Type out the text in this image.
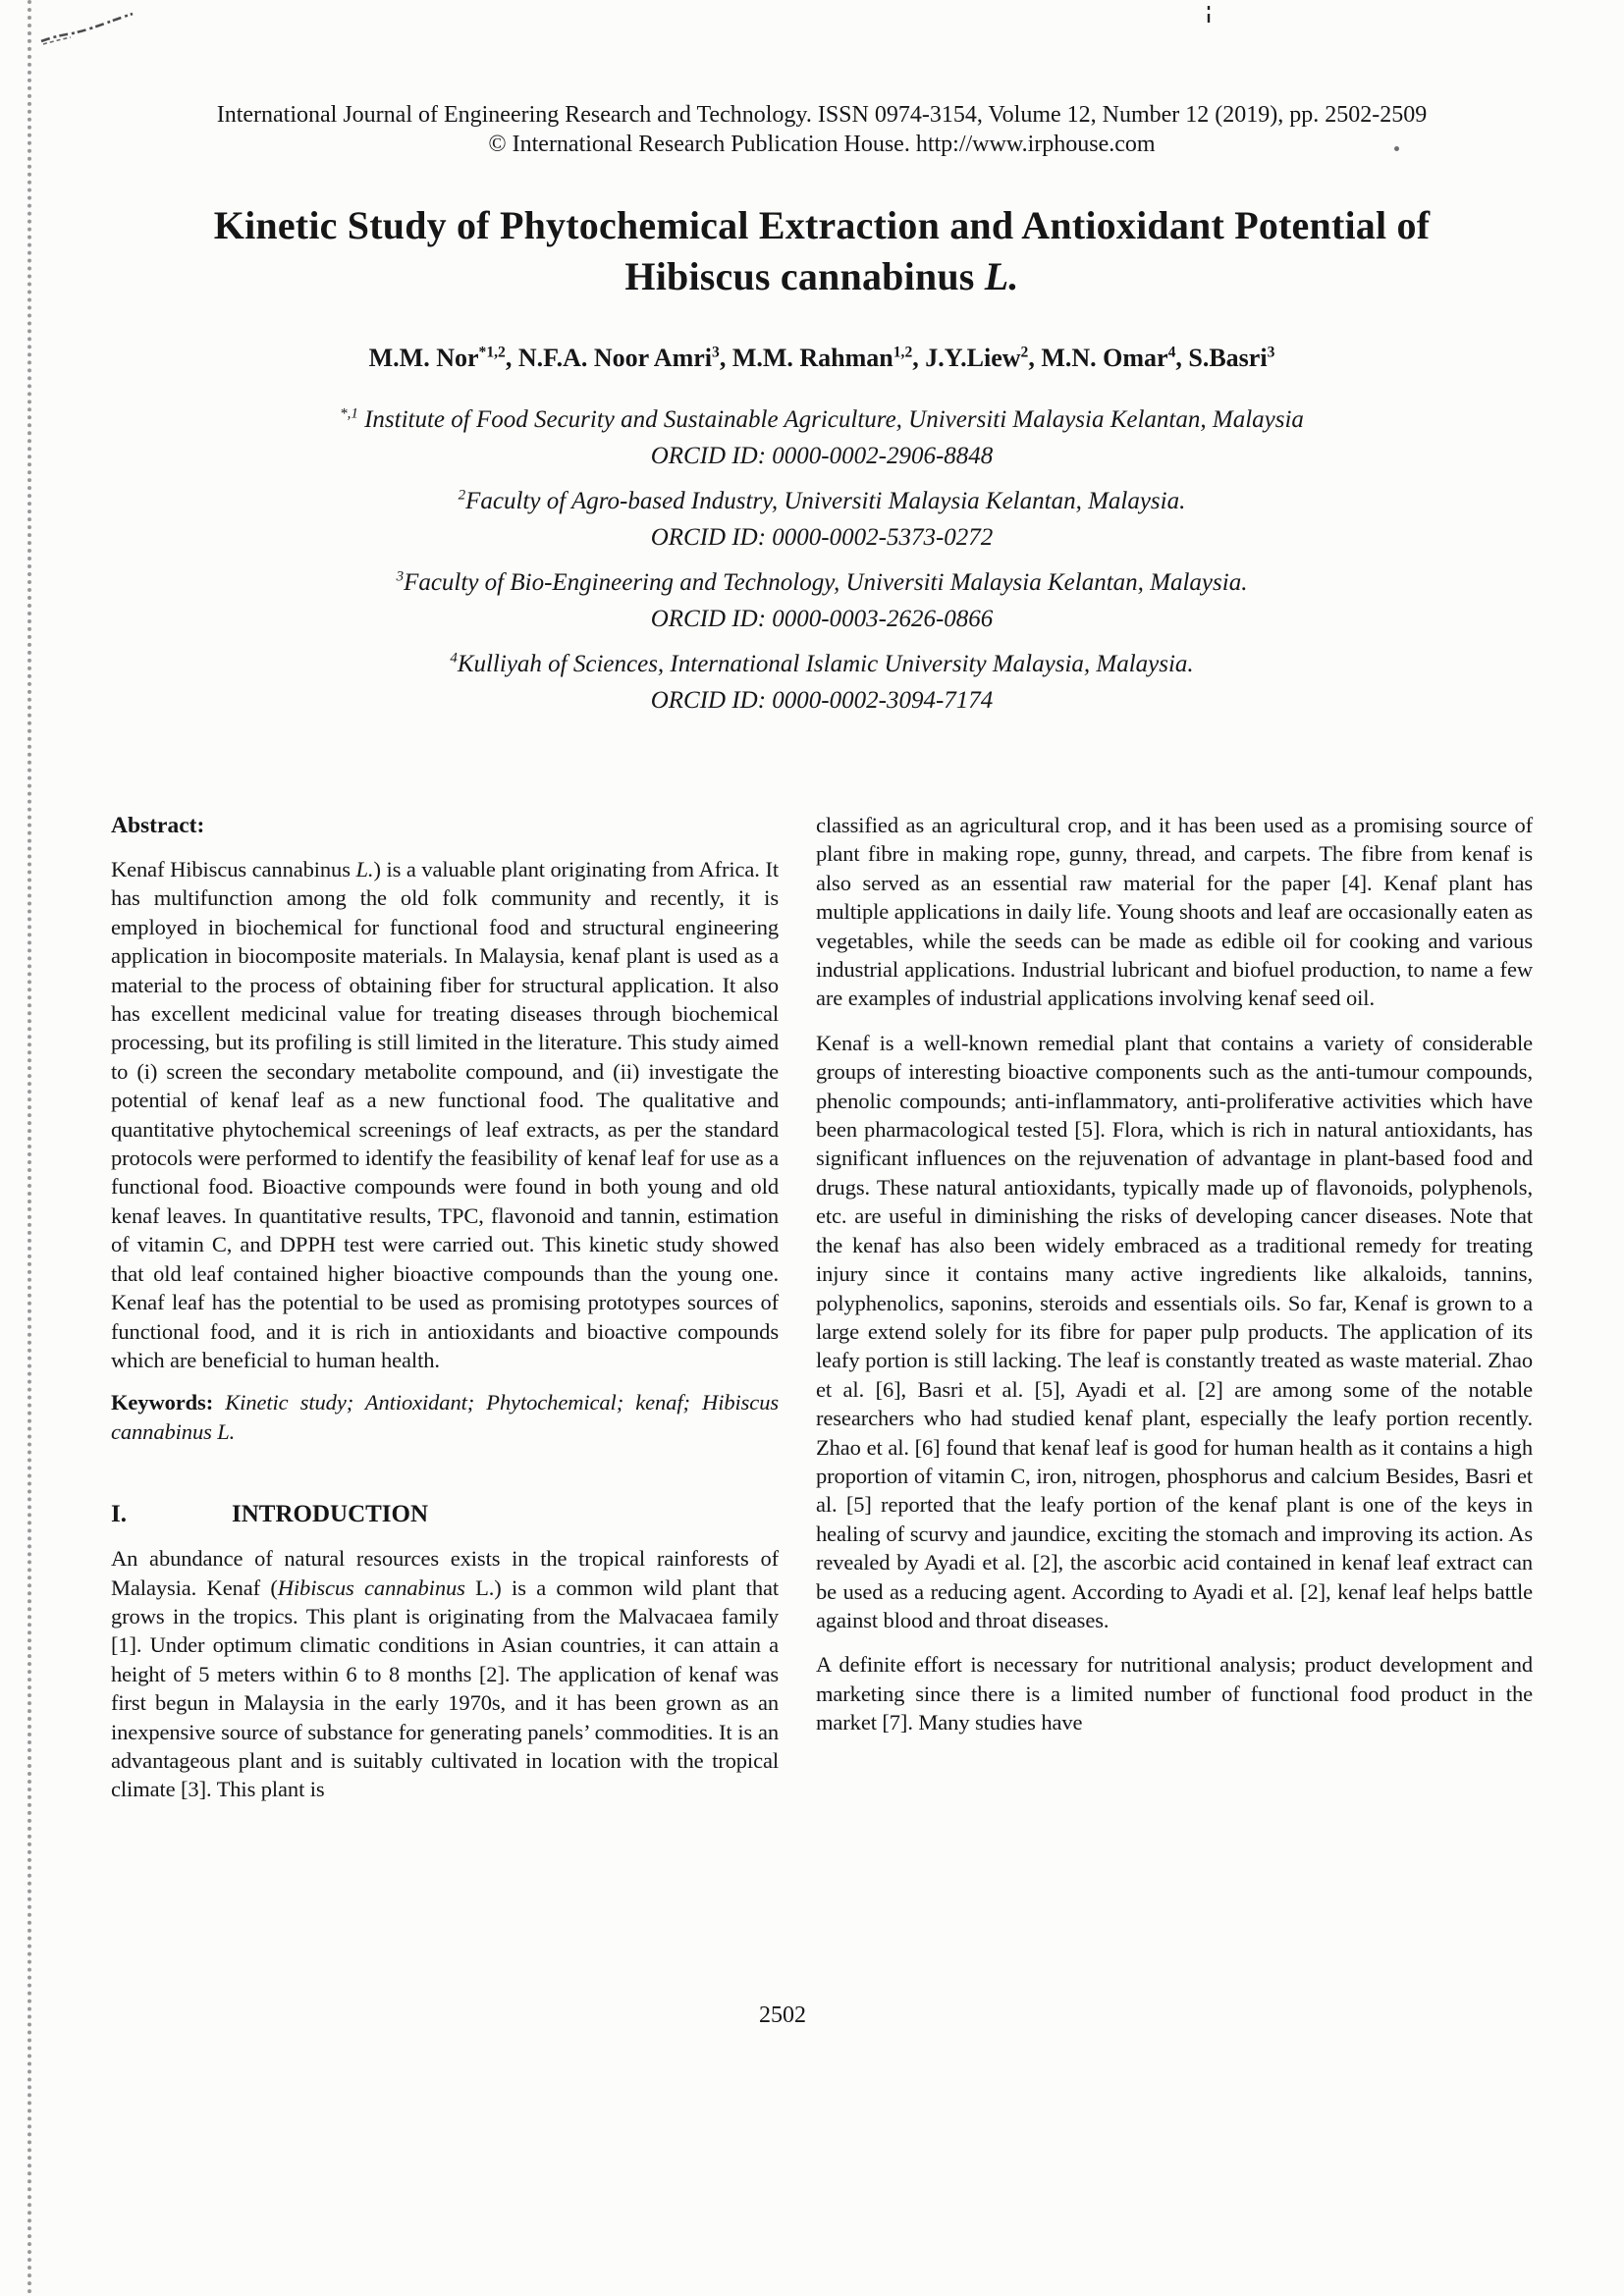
International Journal of Engineering Research and Technology. ISSN 0974-3154, Volume 12, Number 12 (2019), pp. 2502-2509
© International Research Publication House. http://www.irphouse.com
Kinetic Study of Phytochemical Extraction and Antioxidant Potential of
Hibiscus cannabinus L.

M.M. Nor$^{*1,2}$, N.F.A. Noor Amri$^3$, M.M. Rahman$^{1,2}$, J.Y.Liew$^2$, M.N. Omar$^4$, S.Basri$^3$

$^{*,1}$ Institute of Food Security and Sustainable Agriculture, Universiti Malaysia Kelantan, Malaysia
ORCID ID: 0000-0002-2906-8848
$^2$Faculty of Agro-based Industry, Universiti Malaysia Kelantan, Malaysia.
ORCID ID: 0000-0002-5373-0272
$^3$Faculty of Bio-Engineering and Technology, Universiti Malaysia Kelantan, Malaysia.
ORCID ID: 0000-0003-2626-0866
$^4$Kulliyah of Sciences, International Islamic University Malaysia, Malaysia.
ORCID ID: 0000-0002-3094-7174
Abstract:

Kenaf Hibiscus cannabinus L.) is a valuable plant originating from Africa. It has multifunction among the old folk community and recently, it is employed in biochemical for functional food and structural engineering application in biocomposite materials. In Malaysia, kenaf plant is used as a material to the process of obtaining fiber for structural application. It also has excellent medicinal value for treating diseases through biochemical processing, but its profiling is still limited in the literature. This study aimed to (i) screen the secondary metabolite compound, and (ii) investigate the potential of kenaf leaf as a new functional food. The qualitative and quantitative phytochemical screenings of leaf extracts, as per the standard protocols were performed to identify the feasibility of kenaf leaf for use as a functional food. Bioactive compounds were found in both young and old kenaf leaves. In quantitative results, TPC, flavonoid and tannin, estimation of vitamin C, and DPPH test were carried out. This kinetic study showed that old leaf contained higher bioactive compounds than the young one. Kenaf leaf has the potential to be used as promising prototypes sources of functional food, and it is rich in antioxidants and bioactive compounds which are beneficial to human health.

Keywords: Kinetic study; Antioxidant; Phytochemical; kenaf; Hibiscus cannabinus L.

I.	INTRODUCTION

An abundance of natural resources exists in the tropical rainforests of Malaysia. Kenaf (Hibiscus cannabinus L.) is a common wild plant that grows in the tropics. This plant is originating from the Malvacaea family [1]. Under optimum climatic conditions in Asian countries, it can attain a height of 5 meters within 6 to 8 months [2]. The application of kenaf was first begun in Malaysia in the early 1970s, and it has been grown as an inexpensive source of substance for generating panels’ commodities. It is an advantageous plant and is suitably cultivated in location with the tropical climate [3]. This plant is

classified as an agricultural crop, and it has been used as a promising source of plant fibre in making rope, gunny, thread, and carpets. The fibre from kenaf is also served as an essential raw material for the paper [4]. Kenaf plant has multiple applications in daily life. Young shoots and leaf are occasionally eaten as vegetables, while the seeds can be made as edible oil for cooking and various industrial applications. Industrial lubricant and biofuel production, to name a few are examples of industrial applications involving kenaf seed oil.

Kenaf is a well-known remedial plant that contains a variety of considerable groups of interesting bioactive components such as the anti-tumour compounds, phenolic compounds; anti-inflammatory, anti-proliferative activities which have been pharmacological tested [5]. Flora, which is rich in natural antioxidants, has significant influences on the rejuvenation of advantage in plant-based food and drugs. These natural antioxidants, typically made up of flavonoids, polyphenols, etc. are useful in diminishing the risks of developing cancer diseases. Note that the kenaf has also been widely embraced as a traditional remedy for treating injury since it contains many active ingredients like alkaloids, tannins, polyphenolics, saponins, steroids and essentials oils. So far, Kenaf is grown to a large extend solely for its fibre for paper pulp products. The application of its leafy portion is still lacking. The leaf is constantly treated as waste material. Zhao et al. [6], Basri et al. [5], Ayadi et al. [2] are among some of the notable researchers who had studied kenaf plant, especially the leafy portion recently. Zhao et al. [6] found that kenaf leaf is good for human health as it contains a high proportion of vitamin C, iron, nitrogen, phosphorus and calcium Besides, Basri et al. [5] reported that the leafy portion of the kenaf plant is one of the keys in healing of scurvy and jaundice, exciting the stomach and improving its action. As revealed by Ayadi et al. [2], the ascorbic acid contained in kenaf leaf extract can be used as a reducing agent. According to Ayadi et al. [2], kenaf leaf helps battle against blood and throat diseases.

A definite effort is necessary for nutritional analysis; product development and marketing since there is a limited number of functional food product in the market [7]. Many studies have

2502
